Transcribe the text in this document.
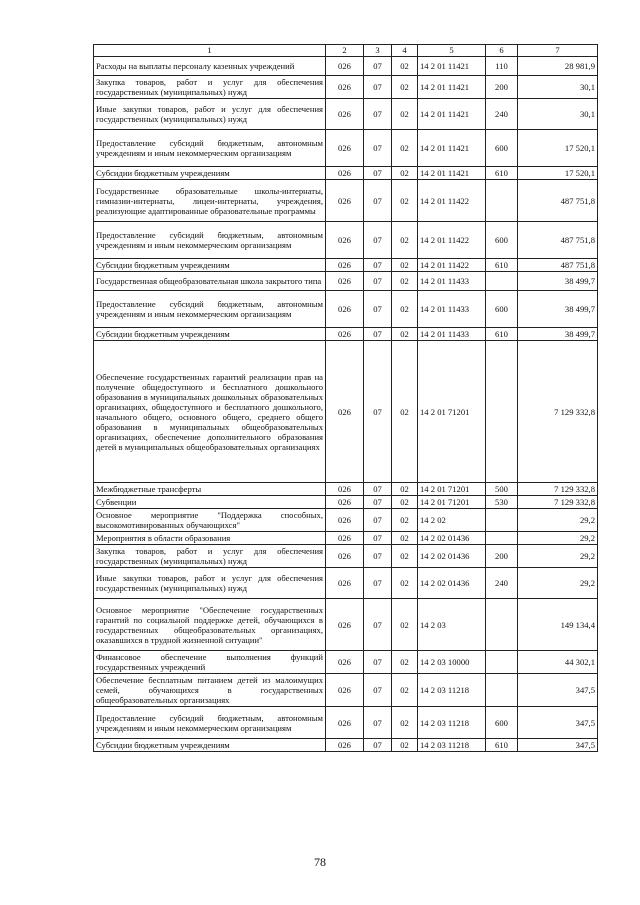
1	2	3	4	5	6	7
Расходы на выплаты персоналу казенных учреждений	026	07	02	14 2 01 11421	110	28 981,9
Закупка товаров, работ и услуг для обеспечения государственных (муниципальных) нужд	026	07	02	14 2 01 11421	200	30,1
Иные закупки товаров, работ и услуг для обеспечения государственных (муниципальных) нужд	026	07	02	14 2 01 11421	240	30,1
Предоставление субсидий бюджетным, автономным учреждениям и иным некоммерческим организациям	026	07	02	14 2 01 11421	600	17 520,1
Субсидии бюджетным учреждениям	026	07	02	14 2 01 11421	610	17 520,1
Государственные образовательные школы-интернаты, гимназии-интернаты, лицеи-интернаты, учреждения, реализующие адаптированные образовательные программы	026	07	02	14 2 01 11422		487 751,8
Предоставление субсидий бюджетным, автономным учреждениям и иным некоммерческим организациям	026	07	02	14 2 01 11422	600	487 751,8
Субсидии бюджетным учреждениям	026	07	02	14 2 01 11422	610	487 751,8
Государственная общеобразовательная школа закрытого типа	026	07	02	14 2 01 11433		38 499,7
Предоставление субсидий бюджетным, автономным учреждениям и иным некоммерческим организациям	026	07	02	14 2 01 11433	600	38 499,7
Субсидии бюджетным учреждениям	026	07	02	14 2 01 11433	610	38 499,7
Обеспечение государственных гарантий реализации прав на получение общедоступного и бесплатного дошкольного образования в муниципальных дошкольных образовательных организациях, общедоступного и бесплатного дошкольного, начального общего, основного общего, среднего общего образования в муниципальных общеобразовательных организациях, обеспечение дополнительного образования детей в муниципальных общеобразовательных организациях	026	07	02	14 2 01 71201		7 129 332,8
Межбюджетные трансферты	026	07	02	14 2 01 71201	500	7 129 332,8
Субвенции	026	07	02	14 2 01 71201	530	7 129 332,8
Основное мероприятие "Поддержка способных, высокомотивированных обучающихся"	026	07	02	14 2 02		29,2
Мероприятия в области образования	026	07	02	14 2 02 01436		29,2
Закупка товаров, работ и услуг для обеспечения государственных (муниципальных) нужд	026	07	02	14 2 02 01436	200	29,2
Иные закупки товаров, работ и услуг для обеспечения государственных (муниципальных) нужд	026	07	02	14 2 02 01436	240	29,2
Основное мероприятие "Обеспечение государственных гарантий по социальной поддержке детей, обучающихся в государственных общеобразовательных организациях, оказавшихся в трудной жизненной ситуации"	026	07	02	14 2 03		149 134,4
Финансовое обеспечение выполнения функций государственных учреждений	026	07	02	14 2 03 10000		44 302,1
Обеспечение бесплатным питанием детей из малоимущих семей, обучающихся в государственных общеобразовательных организациях	026	07	02	14 2 03 11218		347,5
Предоставление субсидий бюджетным, автономным учреждениям и иным некоммерческим организациям	026	07	02	14 2 03 11218	600	347,5
Субсидии бюджетным учреждениям	026	07	02	14 2 03 11218	610	347,5
78
